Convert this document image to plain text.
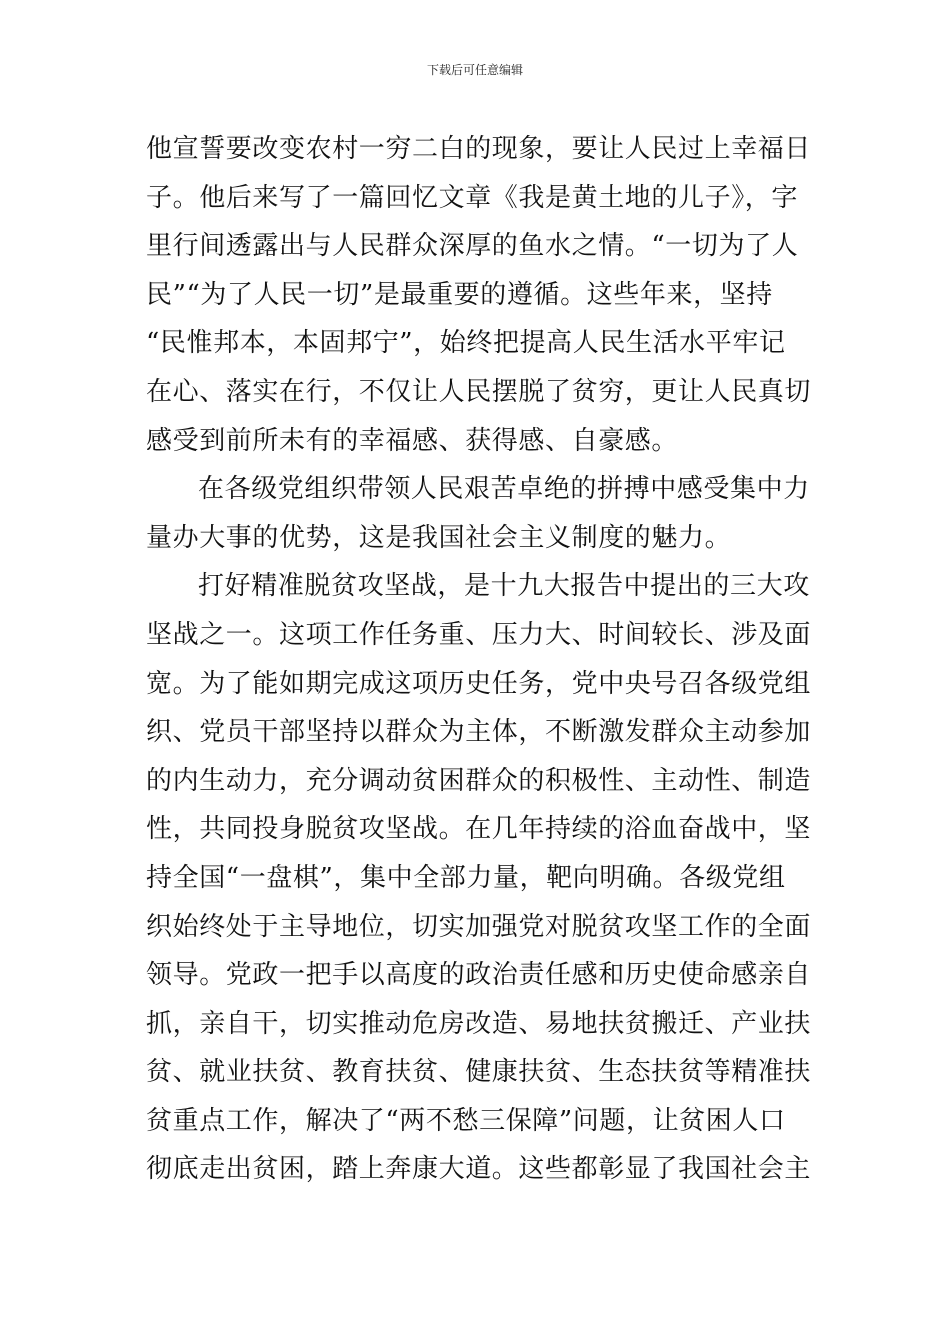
下载后可任意编辑
他宣誓要改变农村一穷二白的现象，要让人民过上幸福日
子。他后来写了一篇回忆文章《我是黄土地的儿子》，字
里行间透露出与人民群众深厚的鱼水之情。“一切为了人
民”“为了人民一切”是最重要的遵循。这些年来，坚持
“民惟邦本，本固邦宁”，始终把提高人民生活水平牢记
在心、落实在行，不仅让人民摆脱了贫穷，更让人民真切
感受到前所未有的幸福感、获得感、自豪感。
在各级党组织带领人民艰苦卓绝的拼搏中感受集中力
量办大事的优势，这是我国社会主义制度的魅力。
打好精准脱贫攻坚战，是十九大报告中提出的三大攻
坚战之一。这项工作任务重、压力大、时间较长、涉及面
宽。为了能如期完成这项历史任务，党中央号召各级党组
织、党员干部坚持以群众为主体，不断激发群众主动参加
的内生动力，充分调动贫困群众的积极性、主动性、制造
性，共同投身脱贫攻坚战。在几年持续的浴血奋战中，坚
持全国“一盘棋”，集中全部力量，靶向明确。各级党组
织始终处于主导地位，切实加强党对脱贫攻坚工作的全面
领导。党政一把手以高度的政治责任感和历史使命感亲自
抓，亲自干，切实推动危房改造、易地扶贫搬迁、产业扶
贫、就业扶贫、教育扶贫、健康扶贫、生态扶贫等精准扶
贫重点工作，解决了“两不愁三保障”问题，让贫困人口
彻底走出贫困，踏上奔康大道。这些都彰显了我国社会主
